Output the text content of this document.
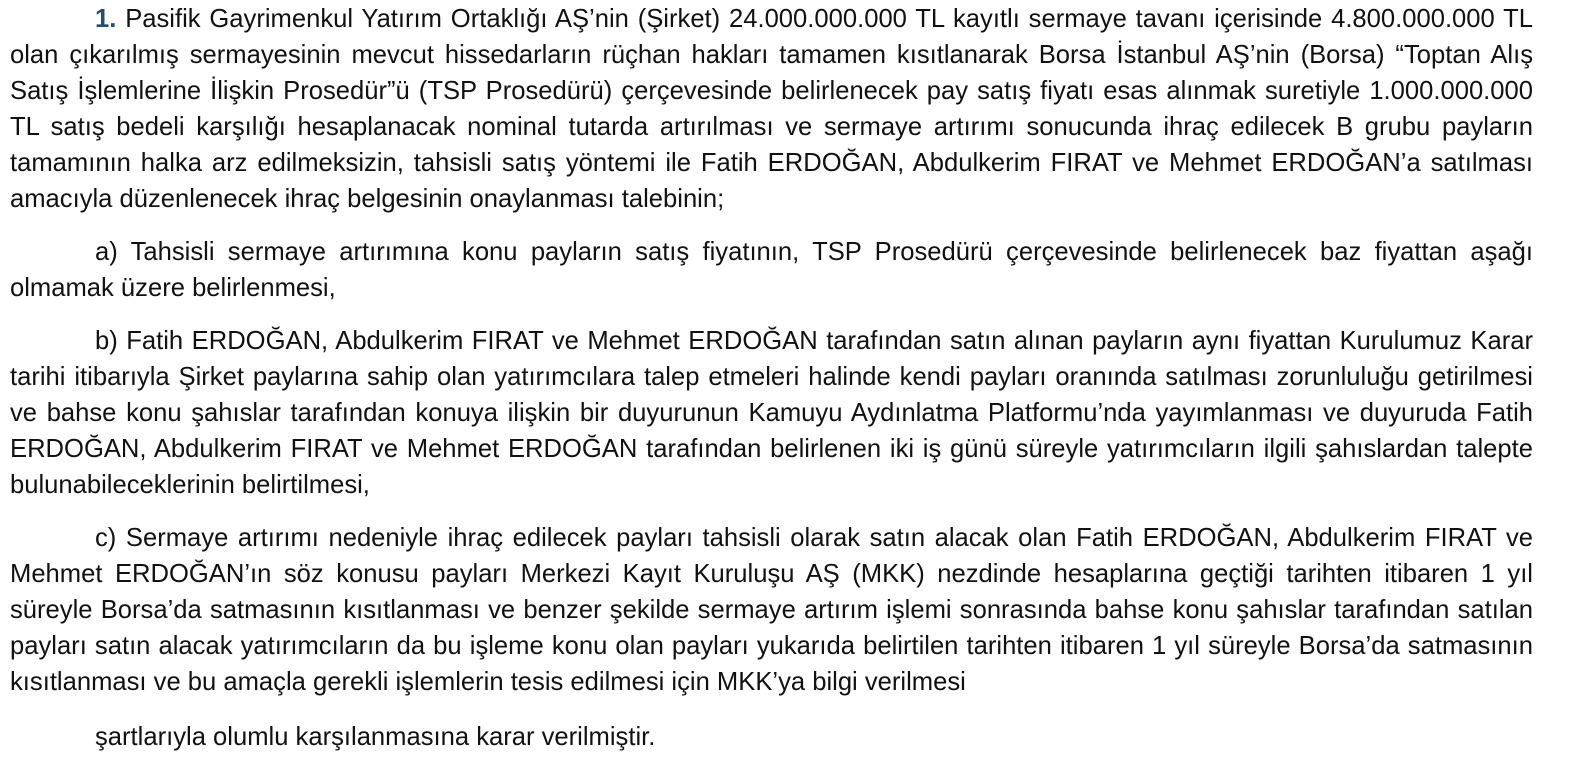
1. Pasifik Gayrimenkul Yatırım Ortaklığı AŞ’nin (Şirket) 24.000.000.000 TL kayıtlı sermaye tavanı içerisinde 4.800.000.000 TL olan çıkarılmış sermayesinin mevcut hissedarların rüçhan hakları tamamen kısıtlanarak Borsa İstanbul AŞ’nin (Borsa) “Toptan Alış Satış İşlemlerine İlişkin Prosedür”ü (TSP Prosedürü) çerçevesinde belirlenecek pay satış fiyatı esas alınmak suretiyle 1.000.000.000 TL satış bedeli karşılığı hesaplanacak nominal tutarda artırılması ve sermaye artırımı sonucunda ihraç edilecek B grubu payların tamamının halka arz edilmeksizin, tahsisli satış yöntemi ile Fatih ERDOĞAN, Abdulkerim FIRAT ve Mehmet ERDOĞAN’a satılması amacıyla düzenlenecek ihraç belgesinin onaylanması talebinin;

a) Tahsisli sermaye artırımına konu payların satış fiyatının, TSP Prosedürü çerçevesinde belirlenecek baz fiyattan aşağı olmamak üzere belirlenmesi,

b) Fatih ERDOĞAN, Abdulkerim FIRAT ve Mehmet ERDOĞAN tarafından satın alınan payların aynı fiyattan Kurulumuz Karar tarihi itibarıyla Şirket paylarına sahip olan yatırımcılara talep etmeleri halinde kendi payları oranında satılması zorunluluğu getirilmesi ve bahse konu şahıslar tarafından konuya ilişkin bir duyurunun Kamuyu Aydınlatma Platformu’nda yayımlanması ve duyuruda Fatih ERDOĞAN, Abdulkerim FIRAT ve Mehmet ERDOĞAN tarafından belirlenen iki iş günü süreyle yatırımcıların ilgili şahıslardan talepte bulunabileceklerinin belirtilmesi,

c) Sermaye artırımı nedeniyle ihraç edilecek payları tahsisli olarak satın alacak olan Fatih ERDOĞAN, Abdulkerim FIRAT ve Mehmet ERDOĞAN’ın söz konusu payları Merkezi Kayıt Kuruluşu AŞ (MKK) nezdinde hesaplarına geçtiği tarihten itibaren 1 yıl süreyle Borsa’da satmasının kısıtlanması ve benzer şekilde sermaye artırım işlemi sonrasında bahse konu şahıslar tarafından satılan payları satın alacak yatırımcıların da bu işleme konu olan payları yukarıda belirtilen tarihten itibaren 1 yıl süreyle Borsa’da satmasının kısıtlanması ve bu amaçla gerekli işlemlerin tesis edilmesi için MKK’ya bilgi verilmesi

şartlarıyla olumlu karşılanmasına karar verilmiştir.
